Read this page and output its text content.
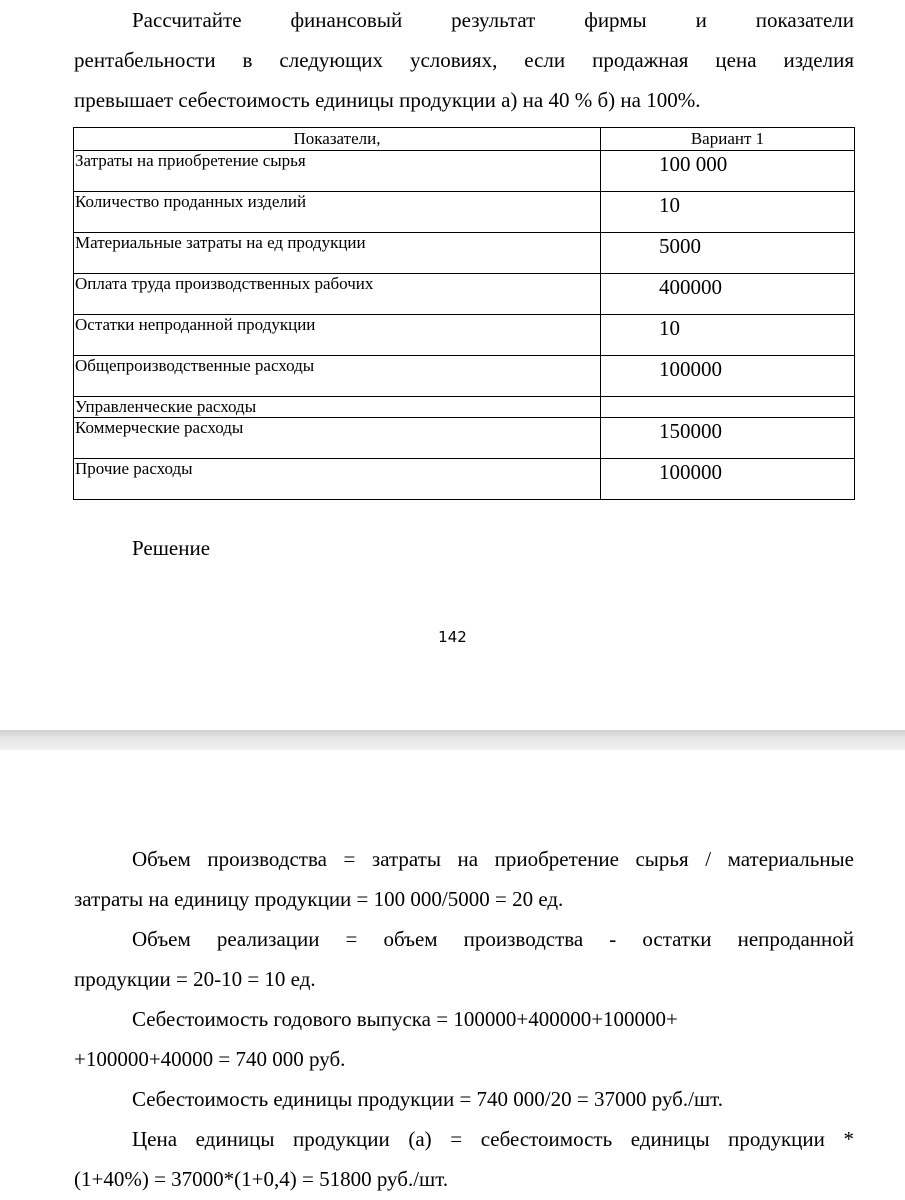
Рассчитайте финансовый результат фирмы и показатели
рентабельности в следующих условиях, если продажная цена изделия
превышает себестоимость единицы продукции а) на 40 % б) на 100%.
Показатели,	Вариант 1
Затраты на приобретение сырья	100 000
Количество проданных изделий	10
Материальные затраты на ед продукции	5000
Оплата труда производственных рабочих	400000
Остатки непроданной продукции	10
Общепроизводственные расходы	100000
Управленческие расходы	
Коммерческие расходы	150000
Прочие расходы	100000
Решение
142
Объем производства = затраты на приобретение сырья / материальные
затраты на единицу продукции = 100 000/5000 = 20 ед.
Объем реализации = объем производства - остатки непроданной
продукции = 20-10 = 10 ед.
Себестоимость годового выпуска = 100000+400000+100000+
+100000+40000 = 740 000 руб.
Себестоимость единицы продукции = 740 000/20 = 37000 руб./шт.
Цена единицы продукции (а) = себестоимость единицы продукции *
(1+40%) = 37000*(1+0,4) = 51800 руб./шт.
